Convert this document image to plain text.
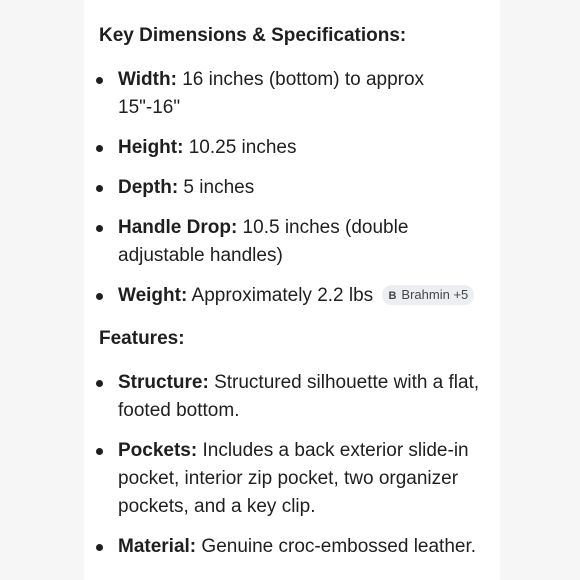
Key Dimensions & Specifications:
Width: 16 inches (bottom) to approx 15"-16"
Height: 10.25 inches
Depth: 5 inches
Handle Drop: 10.5 inches (double adjustable handles)
Weight: Approximately 2.2 lbs B Brahmin +5
Features:
Structure: Structured silhouette with a flat, footed bottom.
Pockets: Includes a back exterior slide-in pocket, interior zip pocket, two organizer pockets, and a key clip.
Material: Genuine croc-embossed leather.
